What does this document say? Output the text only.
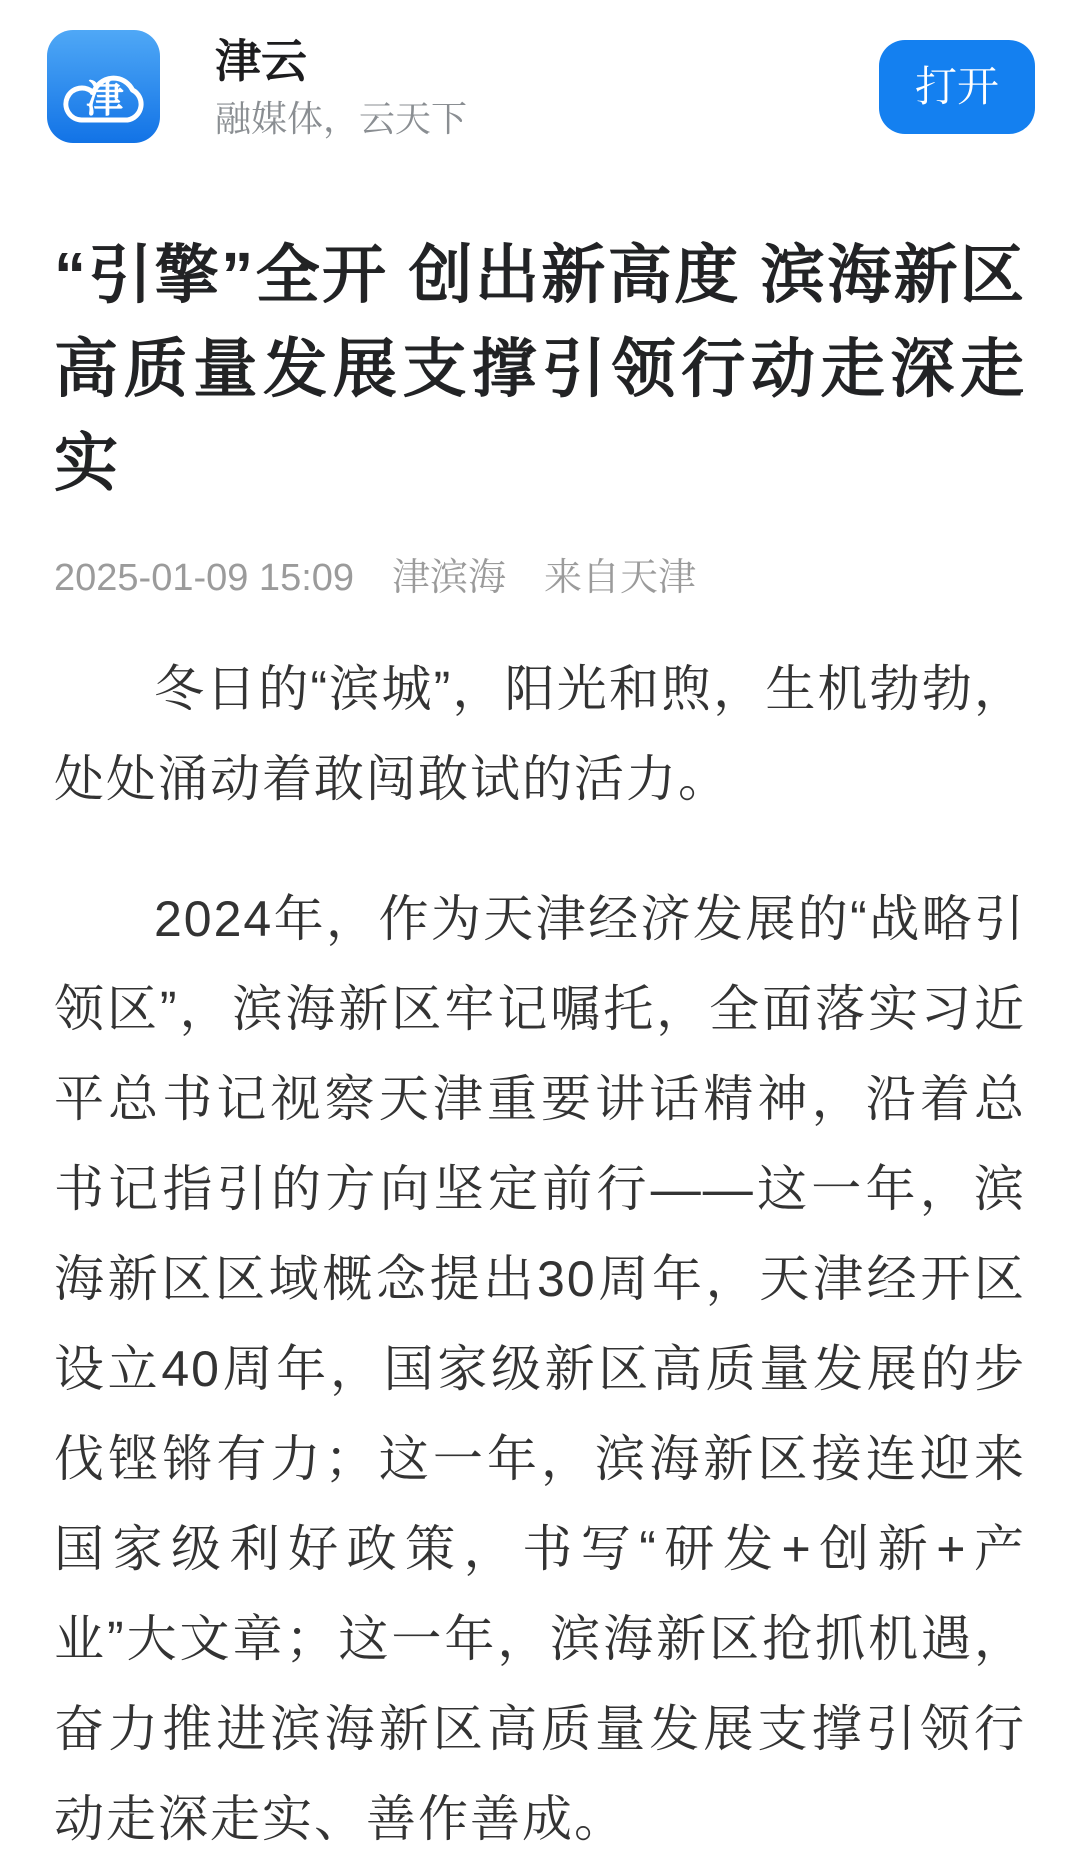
津
津云
融媒体，云天下
打开
“引擎”全开 创出新高度 滨海新区高质量发展支撑引领行动走深走实
2025-01-09 15:09 津滨海 来自天津

冬日的“滨城”，阳光和煦，生机勃勃，处处涌动着敢闯敢试的活力。

2024年，作为天津经济发展的“战略引领区”，滨海新区牢记嘱托，全面落实习近平总书记视察天津重要讲话精神，沿着总书记指引的方向坚定前行——这一年，滨海新区区域概念提出30周年，天津经开区设立40周年，国家级新区高质量发展的步伐铿锵有力；这一年，滨海新区接连迎来国家级利好政策，书写“研发+创新+产业”大文章；这一年，滨海新区抢抓机遇，奋力推进滨海新区高质量发展支撑引领行动走深走实、善作善成。
